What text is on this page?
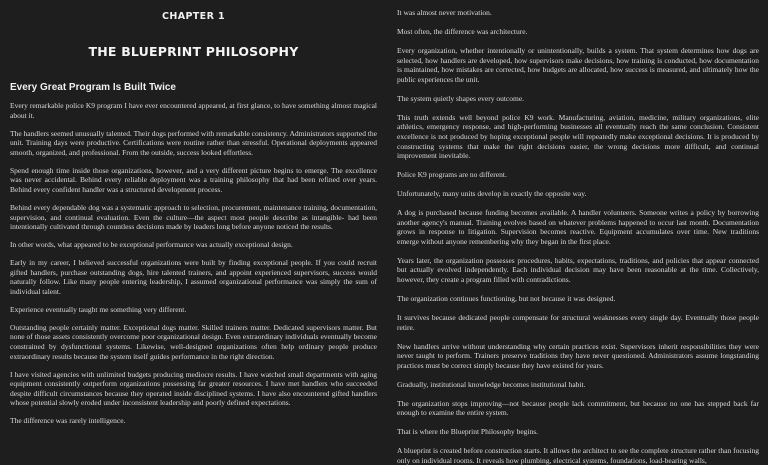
CHAPTER 1
THE BLUEPRINT PHILOSOPHY
Every Great Program Is Built Twice

Every remarkable police K9 program I have ever encountered appeared, at first glance, to have something almost magical about it.

The handlers seemed unusually talented. Their dogs performed with remarkable consistency. Administrators supported the unit. Training days were productive. Certifications were routine rather than stressful. Operational deployments appeared smooth, organized, and professional. From the outside, success looked effortless.

Spend enough time inside those organizations, however, and a very different picture begins to emerge. The excellence was never accidental. Behind every reliable deployment was a training philosophy that had been refined over years. Behind every confident handler was a structured development process.

Behind every dependable dog was a systematic approach to selection, procurement, maintenance training, documentation, supervision, and continual evaluation. Even the culture—the aspect most people describe as intangible- had been intentionally cultivated through countless decisions made by leaders long before anyone noticed the results.

In other words, what appeared to be exceptional performance was actually exceptional design.

Early in my career, I believed successful organizations were built by finding exceptional people. If you could recruit gifted handlers, purchase outstanding dogs, hire talented trainers, and appoint experienced supervisors, success would naturally follow. Like many people entering leadership, I assumed organizational performance was simply the sum of individual talent.

Experience eventually taught me something very different.

Outstanding people certainly matter. Exceptional dogs matter. Skilled trainers matter. Dedicated supervisors matter. But none of those assets consistently overcome poor organizational design. Even extraordinary individuals eventually become constrained by dysfunctional systems. Likewise, well-designed organizations often help ordinary people produce extraordinary results because the system itself guides performance in the right direction.

I have visited agencies with unlimited budgets producing mediocre results. I have watched small departments with aging equipment consistently outperform organizations possessing far greater resources. I have met handlers who succeeded despite difficult circumstances because they operated inside disciplined systems. I have also encountered gifted handlers whose potential slowly eroded under inconsistent leadership and poorly defined expectations.

The difference was rarely intelligence.

It was almost never motivation.

Most often, the difference was architecture.

Every organization, whether intentionally or unintentionally, builds a system. That system determines how dogs are selected, how handlers are developed, how supervisors make decisions, how training is conducted, how documentation is maintained, how mistakes are corrected, how budgets are allocated, how success is measured, and ultimately how the public experiences the unit.

The system quietly shapes every outcome.

This truth extends well beyond police K9 work. Manufacturing, aviation, medicine, military organizations, elite athletics, emergency response, and high-performing businesses all eventually reach the same conclusion. Consistent excellence is not produced by hoping exceptional people will repeatedly make exceptional decisions. It is produced by constructing systems that make the right decisions easier, the wrong decisions more difficult, and continual improvement inevitable.

Police K9 programs are no different.

Unfortunately, many units develop in exactly the opposite way.

A dog is purchased because funding becomes available. A handler volunteers. Someone writes a policy by borrowing another agency's manual. Training evolves based on whatever problems happened to occur last month. Documentation grows in response to litigation. Supervision becomes reactive. Equipment accumulates over time. New traditions emerge without anyone remembering why they began in the first place.

Years later, the organization possesses procedures, habits, expectations, traditions, and policies that appear connected but actually evolved independently. Each individual decision may have been reasonable at the time. Collectively, however, they create a program filled with contradictions.

The organization continues functioning, but not because it was designed.

It survives because dedicated people compensate for structural weaknesses every single day. Eventually those people retire.

New handlers arrive without understanding why certain practices exist. Supervisors inherit responsibilities they were never taught to perform. Trainers preserve traditions they have never questioned. Administrators assume longstanding practices must be correct simply because they have existed for years.

Gradually, institutional knowledge becomes institutional habit.

The organization stops improving—not because people lack commitment, but because no one has stepped back far enough to examine the entire system.

That is where the Blueprint Philosophy begins.

A blueprint is created before construction starts. It allows the architect to see the complete structure rather than focusing only on individual rooms. It reveals how plumbing, electrical systems, foundations, load-bearing walls,
